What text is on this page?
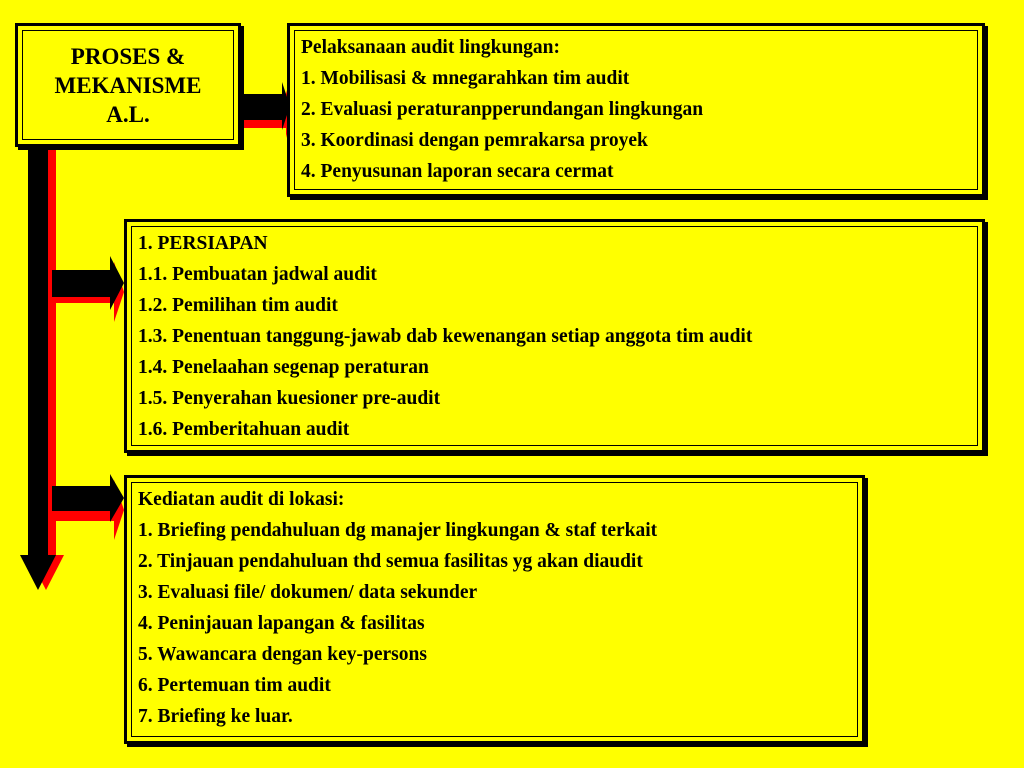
PROSES &
MEKANISME
A.L.
Pelaksanaan audit lingkungan:
1. Mobilisasi & mnegarahkan tim audit
2. Evaluasi peraturanpperundangan lingkungan
3. Koordinasi dengan pemrakarsa proyek
4. Penyusunan laporan secara cermat
1. PERSIAPAN
1.1. Pembuatan jadwal audit
1.2. Pemilihan tim audit
1.3. Penentuan tanggung-jawab dab kewenangan setiap anggota tim audit
1.4. Penelaahan segenap peraturan
1.5. Penyerahan kuesioner pre-audit
1.6. Pemberitahuan audit
Kediatan audit di lokasi:
1. Briefing pendahuluan dg manajer lingkungan & staf terkait
2. Tinjauan pendahuluan thd semua fasilitas yg akan diaudit
3. Evaluasi file/ dokumen/ data sekunder
4. Peninjauan lapangan & fasilitas
5. Wawancara dengan key-persons
6. Pertemuan tim audit
7. Briefing ke luar.
